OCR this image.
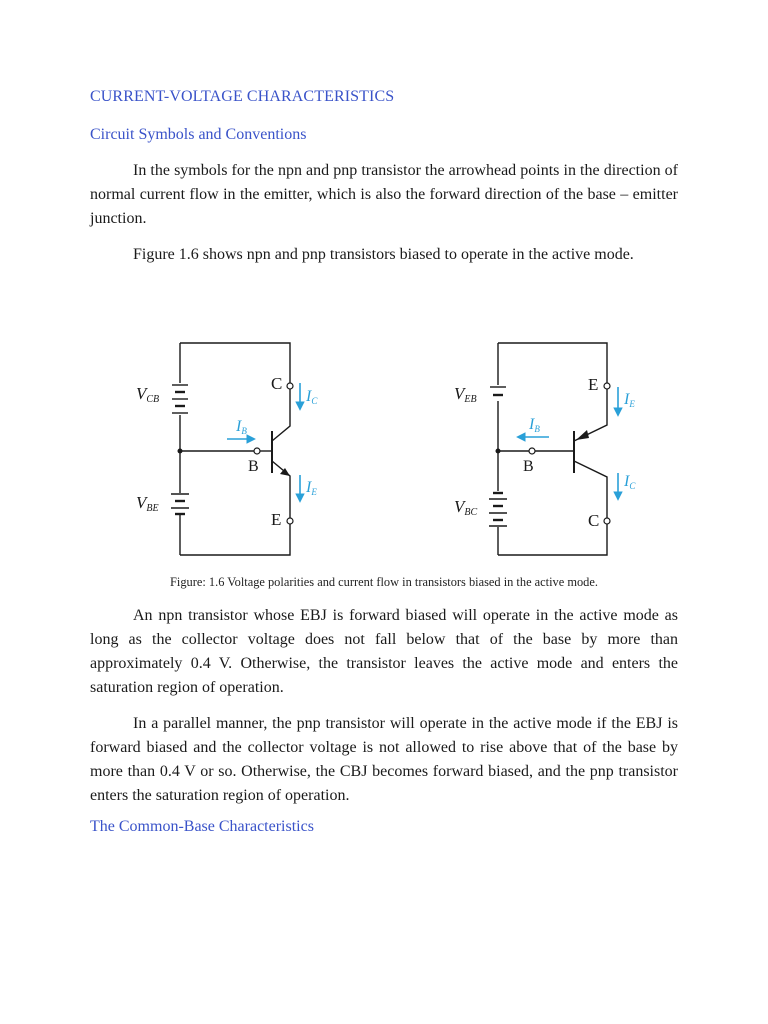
CURRENT-VOLTAGE CHARACTERISTICS
Circuit Symbols and Conventions

In the symbols for the npn and pnp transistor the arrowhead points in the direction of normal current flow in the emitter, which is also the forward direction of the base – emitter junction.

Figure 1.6 shows npn and pnp transistors biased to operate in the active mode.

VCB
VBE
C
E
B
IB
IC
IE
VEB
VBC
E
C
B
IB
IE
IC
Figure: 1.6 Voltage polarities and current flow in transistors biased in the active mode.

An npn transistor whose EBJ is forward biased will operate in the active mode as long as the collector voltage does not fall below that of the base by more than approximately 0.4 V. Otherwise, the transistor leaves the active mode and enters the saturation region of operation.

In a parallel manner, the pnp transistor will operate in the active mode if the EBJ is forward biased and the collector voltage is not allowed to rise above that of the base by more than 0.4 V or so. Otherwise, the CBJ becomes forward biased, and the pnp transistor enters the saturation region of operation.

The Common-Base Characteristics
